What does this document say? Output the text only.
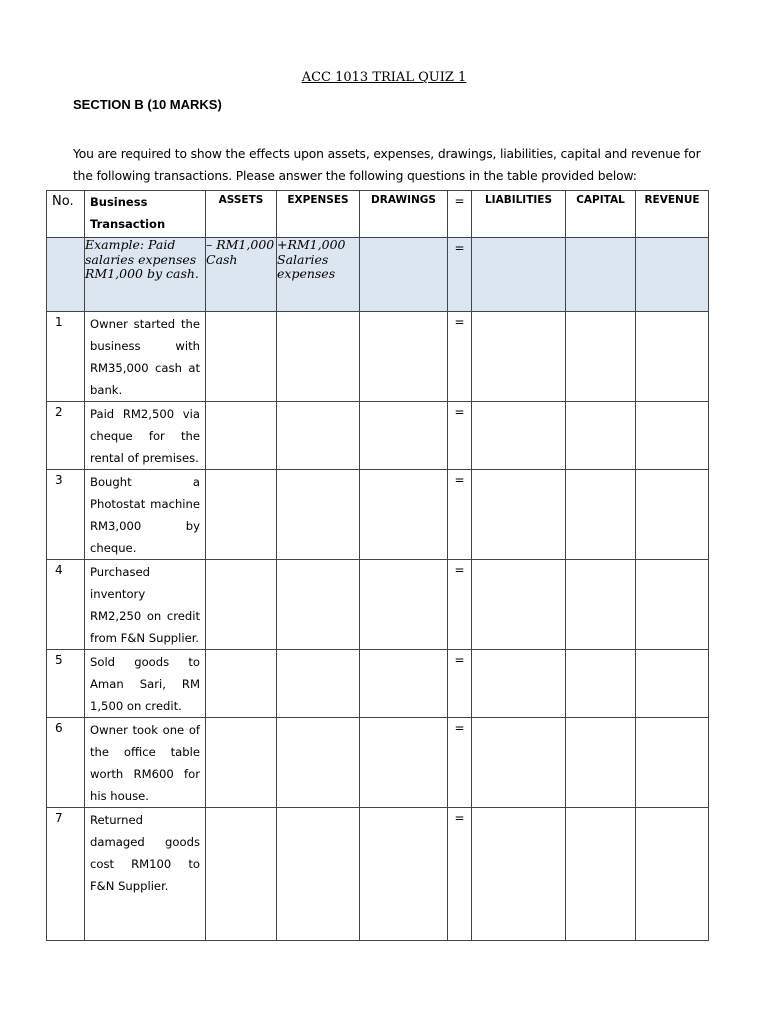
ACC 1013 TRIAL QUIZ 1
SECTION B (10 MARKS)
You are required to show the effects upon assets, expenses, drawings, liabilities, capital and revenue for the following transactions. Please answer the following questions in the table provided below:
No.	Business Transaction	ASSETS	EXPENSES	DRAWINGS	=	LIABILITIES	CAPITAL	REVENUE
	Example: Paid salaries expenses RM1,000 by cash.	– RM1,000 Cash	+RM1,000 Salaries expenses		=			
1	Owner started the business with RM35,000 cash at bank.				=			
2	Paid RM2,500 via cheque for the rental of premises.				=			
3	Bought a Photostat machine RM3,000 by cheque.				=			
4	Purchased inventory RM2,250 on credit from F&N Supplier.				=			
5	Sold goods to Aman Sari, RM 1,500 on credit.				=			
6	Owner took one of the office table worth RM600 for his house.				=			
7	Returned damaged goods cost RM100 to F&N Supplier.				=			
